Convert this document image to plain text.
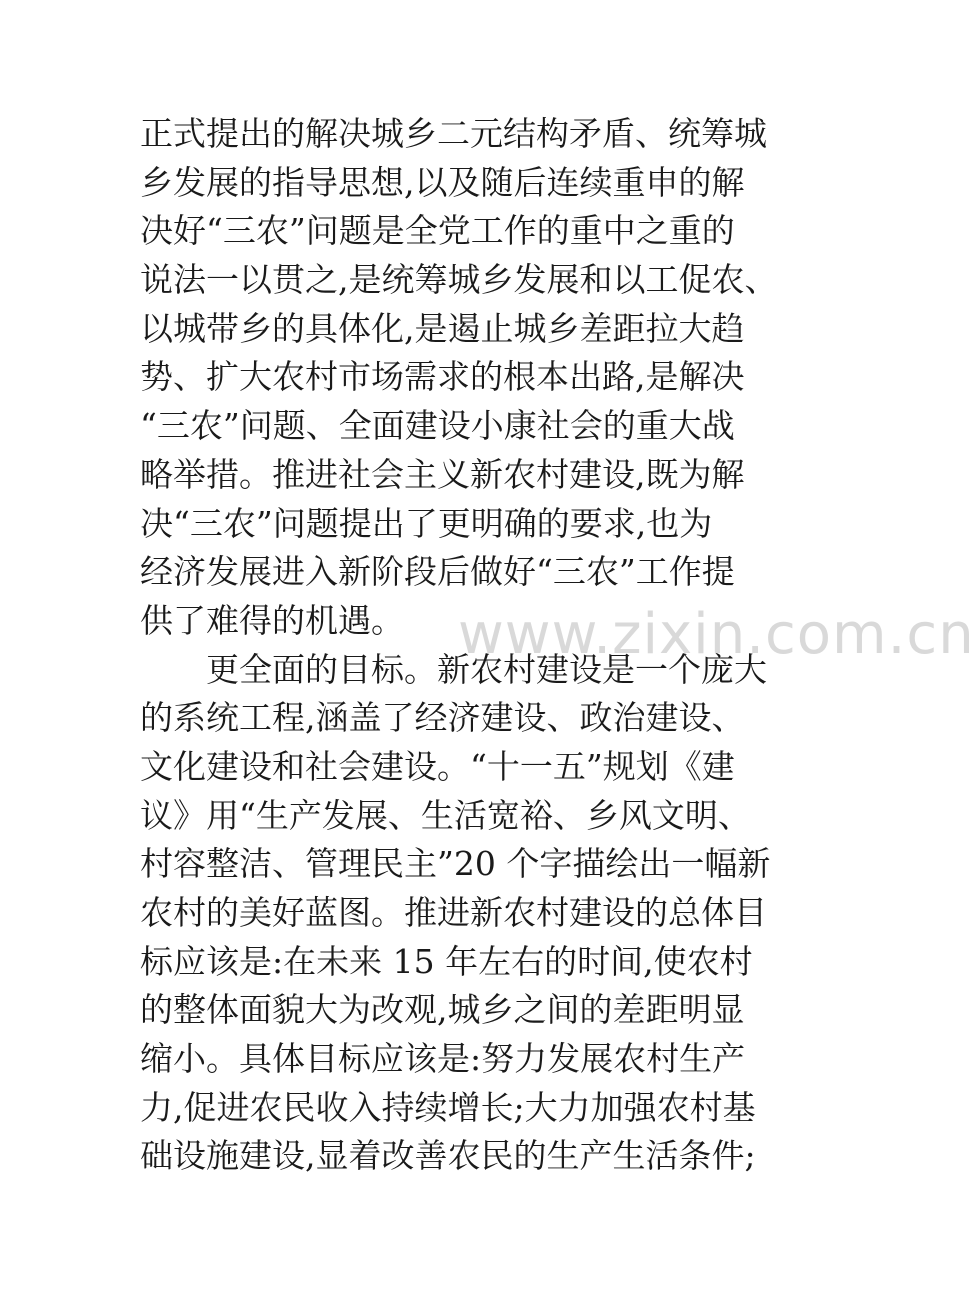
www.zixin.com.cn
正式提出的解决城乡二元结构矛盾、统筹城
乡发展的指导思想,以及随后连续重申的解
决好“三农”问题是全党工作的重中之重的
说法一以贯之,是统筹城乡发展和以工促农、
以城带乡的具体化,是遏止城乡差距拉大趋
势、扩大农村市场需求的根本出路,是解决
“三农”问题、全面建设小康社会的重大战
略举措。推进社会主义新农村建设,既为解
决“三农”问题提出了更明确的要求,也为
经济发展进入新阶段后做好“三农”工作提
供了难得的机遇。
更全面的目标。新农村建设是一个庞大
的系统工程,涵盖了经济建设、政治建设、
文化建设和社会建设。“十一五”规划《建
议》用“生产发展、生活宽裕、乡风文明、
村容整洁、管理民主”20 个字描绘出一幅新
农村的美好蓝图。推进新农村建设的总体目
标应该是:在未来 15 年左右的时间,使农村
的整体面貌大为改观,城乡之间的差距明显
缩小。具体目标应该是:努力发展农村生产
力,促进农民收入持续增长;大力加强农村基
础设施建设,显着改善农民的生产生活条件;
